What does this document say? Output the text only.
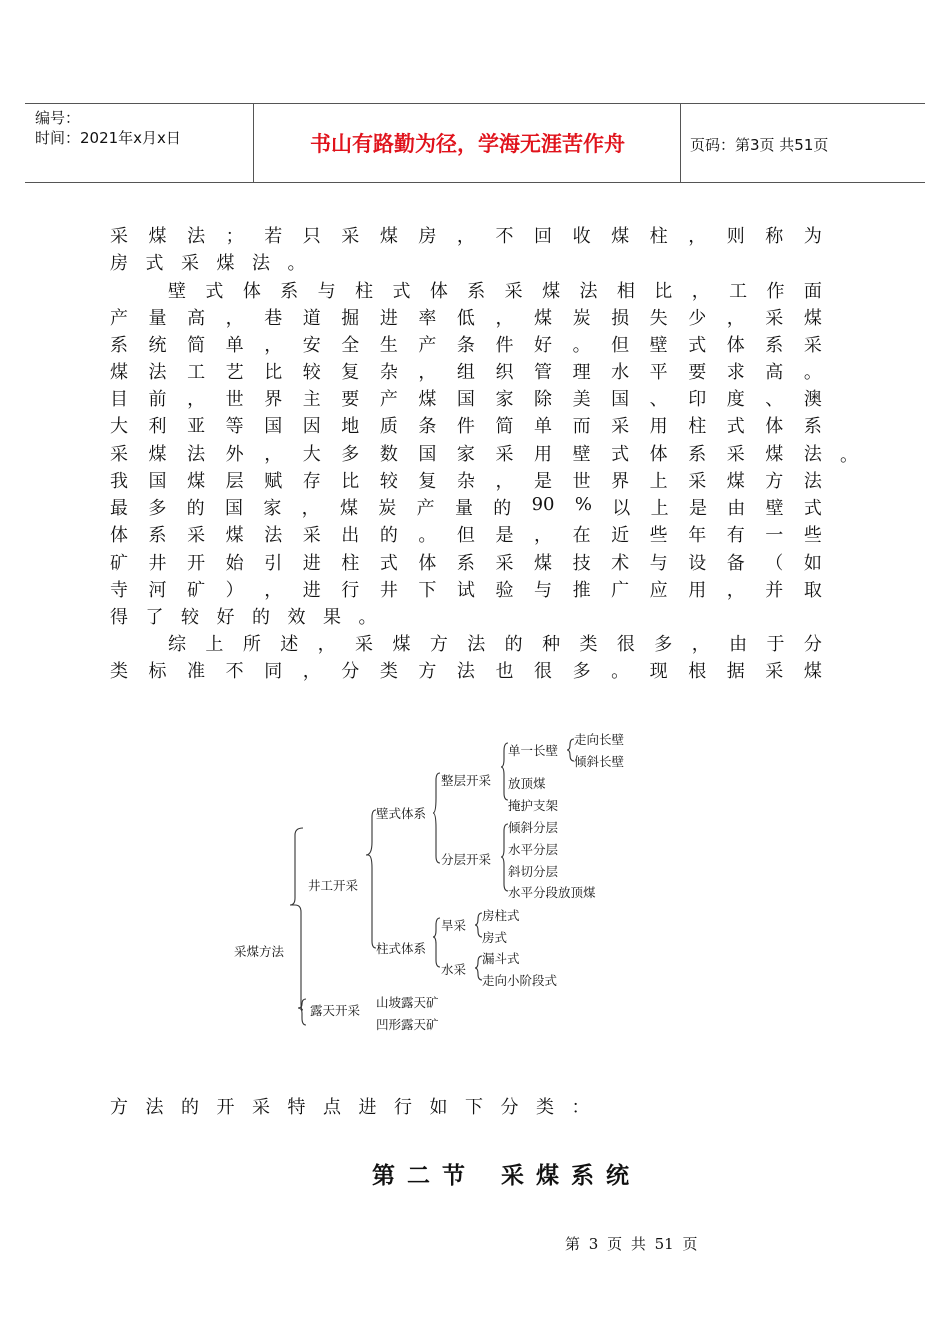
编号：
时间：2021年x月x日	书山有路勤为径，学海无涯苦作舟	页码：第3页 共51页
采 煤 法 ； 若 只 采 煤 房 ， 不 回 收 煤 柱 ， 则 称 为
房 式 采 煤 法 。
壁 式 体 系 与 柱 式 体 系 采 煤 法 相 比 ， 工 作 面
产 量 高 ， 巷 道 掘 进 率 低 ， 煤 炭 损 失 少 ， 采 煤
系 统 简 单 ， 安 全 生 产 条 件 好 。 但 壁 式 体 系 采
煤 法 工 艺 比 较 复 杂 ， 组 织 管 理 水 平 要 求 高 。
目 前 ， 世 界 主 要 产 煤 国 家 除 美 国 、 印 度 、 澳
大 利 亚 等 国 因 地 质 条 件 简 单 而 采 用 柱 式 体 系
采 煤 法 外 ， 大 多 数 国 家 采 用 壁 式 体 系 采 煤 法
我 国 煤 层 赋 存 比 较 复 杂 ， 是 世 界 上 采 煤 方 法
最 多 的 国 家 ， 煤 炭 产 量 的 90 % 以 上 是 由 壁 式
体 系 采 煤 法 采 出 的 。 但 是 ， 在 近 些 年 有 一 些
矿 井 开 始 引 进 柱 式 体 系 采 煤 技 术 与 设 备 （ 如
寺 河 矿 ） ， 进 行 井 下 试 验 与 推 广 应 用 ， 并 取
得 了 较 好 的 效 果 。
综 上 所 述 ， 采 煤 方 法 的 种 类 很 多 ， 由 于 分
类 标 准 不 同 ， 分 类 方 法 也 很 多 。 现 根 据 采 煤
。
采煤方法
井工开采
壁式体系
整层开采
单一长壁
走向长壁
倾斜长壁
放顶煤
掩护支架
分层开采
倾斜分层
水平分层
斜切分层
水平分段放顶煤
柱式体系
旱采
房柱式
房式
水采
漏斗式
走向小阶段式
露天开采
山坡露天矿
凹形露天矿
方 法 的 开 采 特 点 进 行 如 下 分 类 ：
第二节 采煤系统
第 3 页 共 51 页
